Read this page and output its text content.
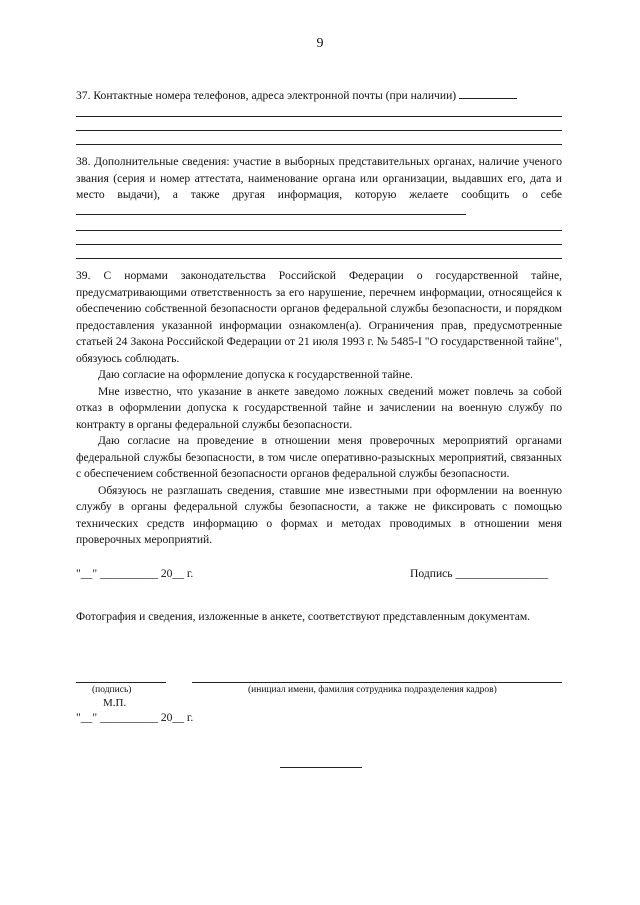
9

37. Контактные номера телефонов, адреса электронной почты (при наличии)

38. Дополнительные сведения: участие в выборных представительных органах, наличие ученого звания (серия и номер аттестата, наименование органа или организации, выдавших его, дата и место выдачи), а также другая информация, которую желаете сообщить о себе

39. С нормами законодательства Российской Федерации о государственной тайне, предусматривающими ответственность за его нарушение, перечнем информации, относящейся к обеспечению собственной безопасности органов федеральной службы безопасности, и порядком предоставления указанной информации ознакомлен(а). Ограничения прав, предусмотренные статьей 24 Закона Российской Федерации от 21 июля 1993 г. № 5485-I "О государственной тайне", обязуюсь соблюдать.

Даю согласие на оформление допуска к государственной тайне.

Мне известно, что указание в анкете заведомо ложных сведений может повлечь за собой отказ в оформлении допуска к государственной тайне и зачислении на военную службу по контракту в органы федеральной службы безопасности.

Даю согласие на проведение в отношении меня проверочных мероприятий органами федеральной службы безопасности, в том числе оперативно-разыскных мероприятий, связанных с обеспечением собственной безопасности органов федеральной службы безопасности.

Обязуюсь не разглашать сведения, ставшие мне известными при оформлении на военную службу в органы федеральной службы безопасности, а также не фиксировать с помощью технических средств информацию о формах и методах проводимых в отношении меня проверочных мероприятий.

"__" __________ 20__ г.	Подпись ________________

Фотография и сведения, изложенные в анкете, соответствуют представленным документам.

(подпись)	(инициал имени, фамилия сотрудника подразделения кадров)
М.П.
"__" __________ 20__ г.
